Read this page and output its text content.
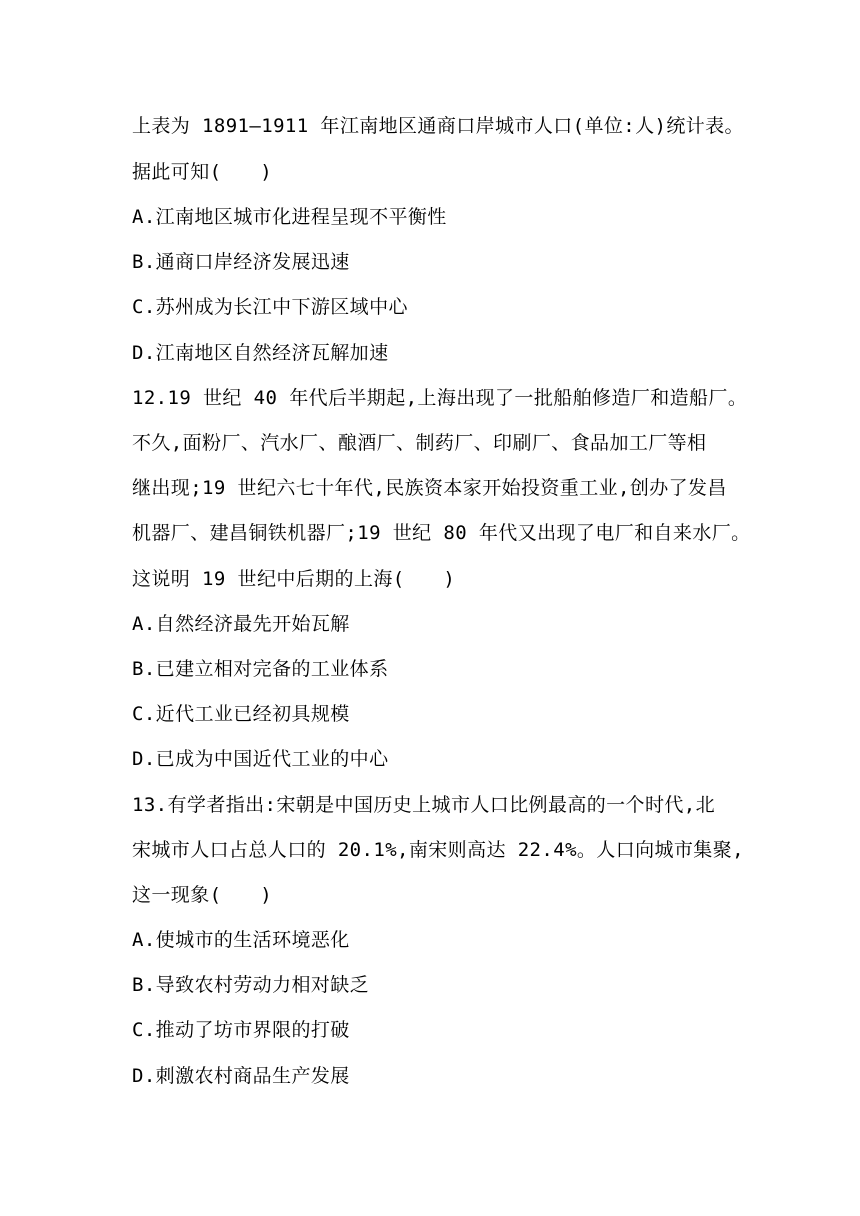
上表为 1891—1911 年江南地区通商口岸城市人口(单位:人)统计表。
据此可知(　　)
A.江南地区城市化进程呈现不平衡性
B.通商口岸经济发展迅速
C.苏州成为长江中下游区域中心
D.江南地区自然经济瓦解加速
12.19 世纪 40 年代后半期起,上海出现了一批船舶修造厂和造船厂。
不久,面粉厂、汽水厂、酿酒厂、制药厂、印刷厂、食品加工厂等相
继出现;19 世纪六七十年代,民族资本家开始投资重工业,创办了发昌
机器厂、建昌铜铁机器厂;19 世纪 80 年代又出现了电厂和自来水厂。
这说明 19 世纪中后期的上海(　　)
A.自然经济最先开始瓦解
B.已建立相对完备的工业体系
C.近代工业已经初具规模
D.已成为中国近代工业的中心
13.有学者指出:宋朝是中国历史上城市人口比例最高的一个时代,北
宋城市人口占总人口的 20.1%,南宋则高达 22.4%。人口向城市集聚,
这一现象(　　)
A.使城市的生活环境恶化
B.导致农村劳动力相对缺乏
C.推动了坊市界限的打破
D.刺激农村商品生产发展
